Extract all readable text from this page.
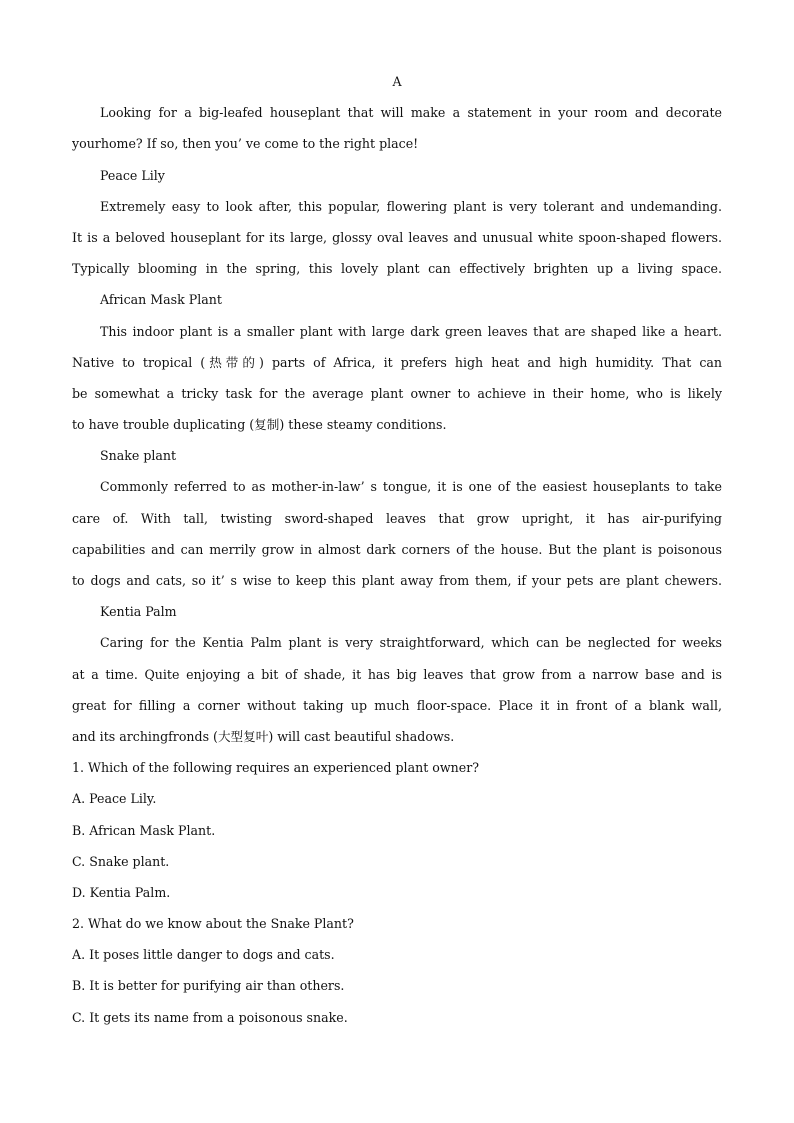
A
Looking for a big-leafed houseplant that will make a statement in your room and decorate
yourhome? If so, then you’ ve come to the right place!
Peace Lily
Extremely easy to look after, this popular, flowering plant is very tolerant and undemanding.
It is a beloved houseplant for its large, glossy oval leaves and unusual white spoon-shaped flowers.
Typically blooming in the spring, this lovely plant can effectively brighten up a living space.
African Mask Plant
This indoor plant is a smaller plant with large dark green leaves that are shaped like a heart.
Native to tropical (热带的) parts of Africa, it prefers high heat and high humidity. That can
be somewhat a tricky task for the average plant owner to achieve in their home, who is likely
to have trouble duplicating (复制) these steamy conditions.
Snake plant
Commonly referred to as mother-in-law’ s tongue, it is one of the easiest houseplants to take
care of. With tall, twisting sword-shaped leaves that grow upright, it has air-purifying
capabilities and can merrily grow in almost dark corners of the house. But the plant is poisonous
to dogs and cats, so it’ s wise to keep this plant away from them, if your pets are plant chewers.
Kentia Palm
Caring for the Kentia Palm plant is very straightforward, which can be neglected for weeks
at a time. Quite enjoying a bit of shade, it has big leaves that grow from a narrow base and is
great for filling a corner without taking up much floor-space. Place it in front of a blank wall,
and its archingfronds (大型复叶) will cast beautiful shadows.
1. Which of the following requires an experienced plant owner?
A. Peace Lily.
B. African Mask Plant.
C. Snake plant.
D. Kentia Palm.
2. What do we know about the Snake Plant?
A. It poses little danger to dogs and cats.
B. It is better for purifying air than others.
C. It gets its name from a poisonous snake.
